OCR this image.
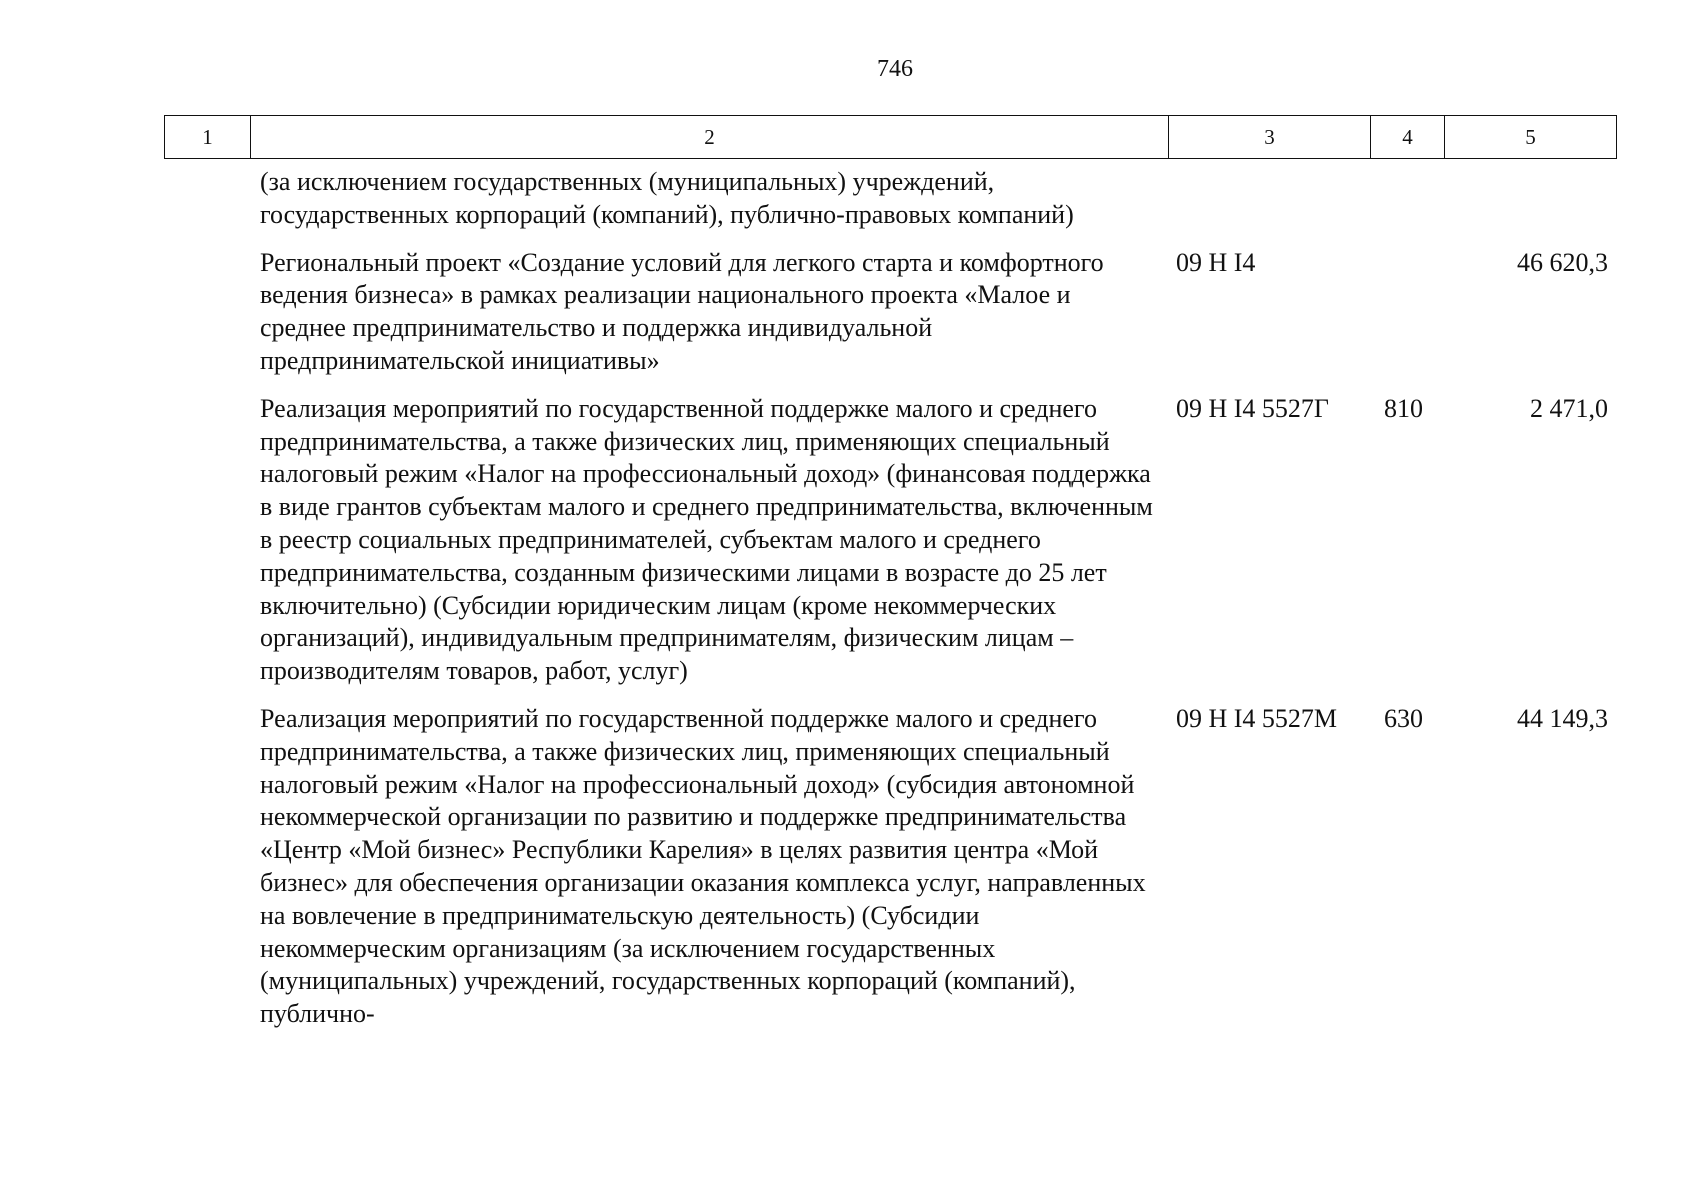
746
1	2	3	4	5
(за исключением государственных (муниципальных) учреждений, государственных корпораций (компаний), публично-правовых компаний)			
Региональный проект «Создание условий для легкого старта и комфортного ведения бизнеса» в рамках реализации национального проекта «Малое и среднее предпринимательство и поддержка индивидуальной предпринимательской инициативы»	09 Н I4		46 620,3
Реализация мероприятий по государственной поддержке малого и среднего предпринимательства, а также физических лиц, применяющих специальный налоговый режим «Налог на профессиональный доход» (финансовая поддержка в виде грантов субъектам малого и среднего предпринимательства, включенным в реестр социальных предпринимателей, субъектам малого и среднего предпринимательства, созданным физическими лицами в возрасте до 25 лет включительно) (Субсидии юридическим лицам (кроме некоммерческих организаций), индивидуальным предпринимателям, физическим лицам – производителям товаров, работ, услуг)	09 Н I4 5527Г	810	2 471,0
Реализация мероприятий по государственной поддержке малого и среднего предпринимательства, а также физических лиц, применяющих специальный налоговый режим «Налог на профессиональный доход» (субсидия автономной некоммерческой организации по развитию и поддержке предпринимательства «Центр «Мой бизнес» Республики Карелия» в целях развития центра «Мой бизнес» для обеспечения организации оказания комплекса услуг, направленных на вовлечение в предпринимательскую деятельность) (Субсидии некоммерческим организациям (за исключением государственных (муниципальных) учреждений, государственных корпораций (компаний), публично-	09 Н I4 5527М	630	44 149,3
